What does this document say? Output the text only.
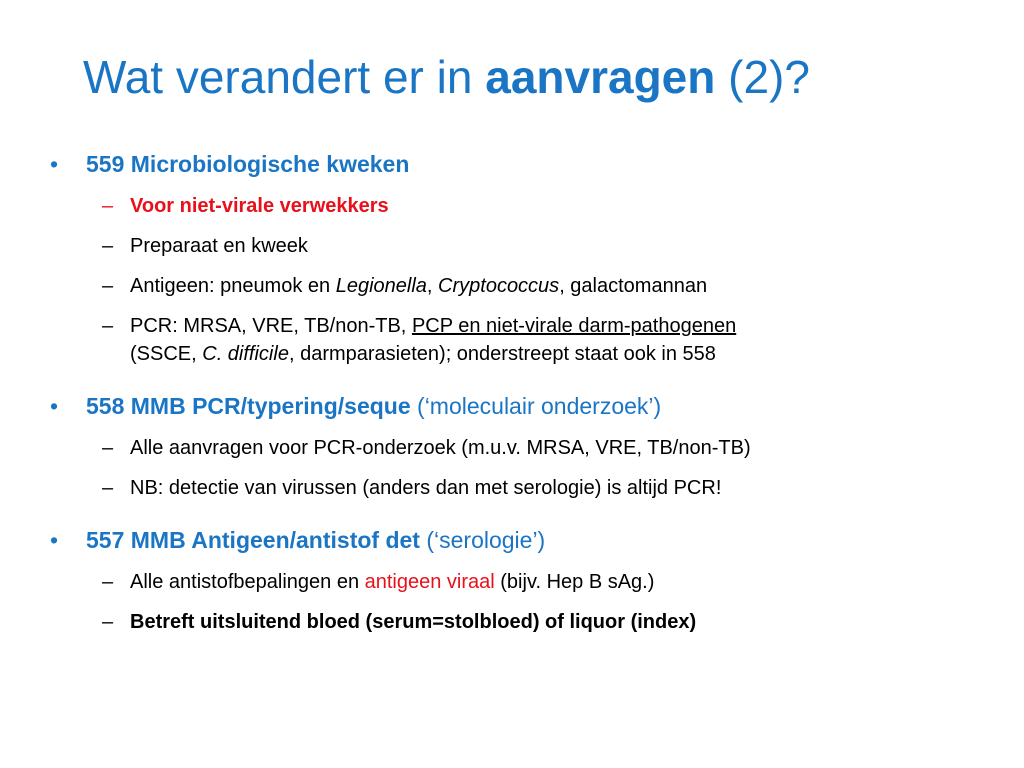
Wat verandert er in aanvragen (2)?
•	559 Microbiologische kweken
– Voor niet-virale verwekkers
– Preparaat en kweek
– Antigeen: pneumok en Legionella, Cryptococcus, galactomannan
– PCR: MRSA, VRE, TB/non-TB, PCP en niet-virale darm-pathogenen
(SSCE, C. difficile, darmparasieten); onderstreept staat ook in 558
•	558 MMB PCR/typering/seque (‘moleculair onderzoek’)
– Alle aanvragen voor PCR-onderzoek (m.u.v. MRSA, VRE, TB/non-TB)
– NB: detectie van virussen (anders dan met serologie) is altijd PCR!
•	557 MMB Antigeen/antistof det (‘serologie’)
– Alle antistofbepalingen en antigeen viraal (bijv. Hep B sAg.)
– Betreft uitsluitend bloed (serum=stolbloed) of liquor (index)
